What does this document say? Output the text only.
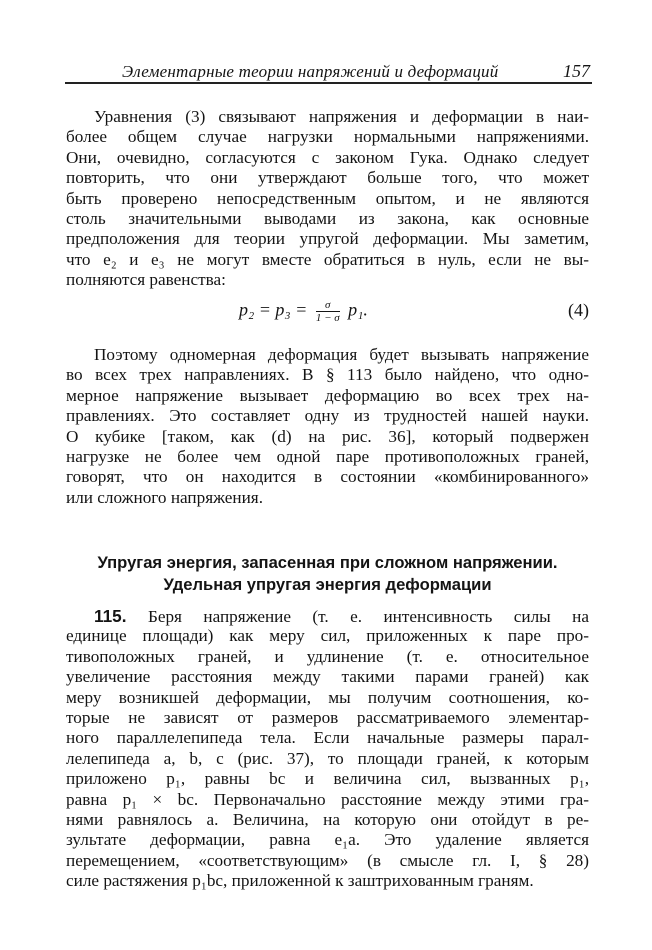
Элементарные теории напряжений и деформаций	157
Уравнения (3) связывают напряжения и деформации в наи-
более общем случае нагрузки нормальными напряжениями.
Они, очевидно, согласуются с законом Гука. Однако следует
повторить, что они утверждают больше того, что может
быть проверено непосредственным опытом, и не являются
столь значительными выводами из закона, как основные
предположения для теории упругой деформации. Мы заметим,
что e₂ и e₃ не могут вместе обратиться в нуль, если не вы-
полняются равенства:
$p_2 = p_3 = \frac{\sigma}{1 - \sigma} p_1$.	(4)
Поэтому одномерная деформация будет вызывать напряжение
во всех трех направлениях. В § 113 было найдено, что одно-
мерное напряжение вызывает деформацию во всех трех на-
правлениях. Это составляет одну из трудностей нашей науки.
О кубике [таком, как (d) на рис. 36], который подвержен
нагрузке не более чем одной паре противоположных граней,
говорят, что он находится в состоянии «комбинированного»
или сложного напряжения.
Упругая энергия, запасенная при сложном напряжении.
Удельная упругая энергия деформации
115. Беря напряжение (т. е. интенсивность силы на
единице площади) как меру сил, приложенных к паре про-
тивоположных граней, и удлинение (т. е. относительное
увеличение расстояния между такими парами граней) как
меру возникшей деформации, мы получим соотношения, ко-
торые не зависят от размеров рассматриваемого элементар-
ного параллелепипеда тела. Если начальные размеры парал-
лелепипеда a, b, c (рис. 37), то площади граней, к которым
приложено p₁, равны bc и величина сил, вызванных p₁,
равна p₁ × bc. Первоначально расстояние между этими гра-
нями равнялось a. Величина, на которую они отойдут в ре-
зультате деформации, равна e₁a. Это удаление является
перемещением, «соответствующим» (в смысле гл. I, § 28)
силе растяжения p₁bc, приложенной к заштрихованным граням.
